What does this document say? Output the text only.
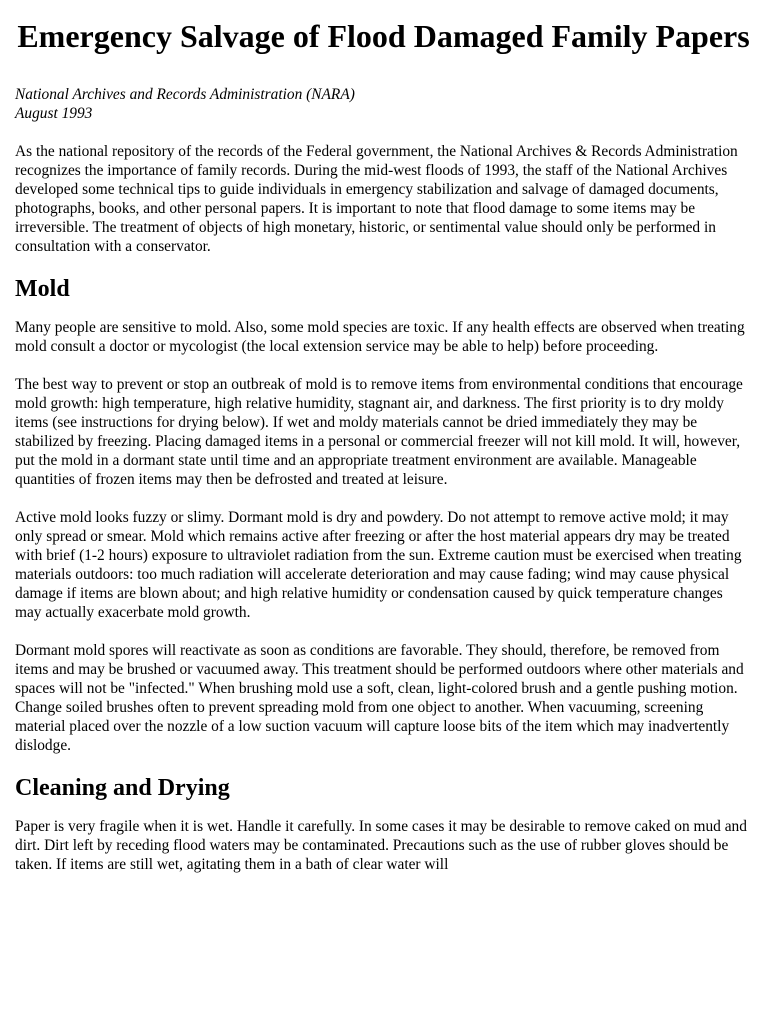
Emergency Salvage of Flood Damaged Family Papers
National Archives and Records Administration (NARA)
August 1993

As the national repository of the records of the Federal government, the National Archives & Records Administration recognizes the importance of family records. During the mid-west floods of 1993, the staff of the National Archives developed some technical tips to guide individuals in emergency stabilization and salvage of damaged documents, photographs, books, and other personal papers. It is important to note that flood damage to some items may be irreversible. The treatment of objects of high monetary, historic, or sentimental value should only be performed in consultation with a conservator.

Mold

Many people are sensitive to mold. Also, some mold species are toxic. If any health effects are observed when treating mold consult a doctor or mycologist (the local extension service may be able to help) before proceeding.

The best way to prevent or stop an outbreak of mold is to remove items from environmental conditions that encourage mold growth: high temperature, high relative humidity, stagnant air, and darkness. The first priority is to dry moldy items (see instructions for drying below). If wet and moldy materials cannot be dried immediately they may be stabilized by freezing. Placing damaged items in a personal or commercial freezer will not kill mold. It will, however, put the mold in a dormant state until time and an appropriate treatment environment are available. Manageable quantities of frozen items may then be defrosted and treated at leisure.

Active mold looks fuzzy or slimy. Dormant mold is dry and powdery. Do not attempt to remove active mold; it may only spread or smear. Mold which remains active after freezing or after the host material appears dry may be treated with brief (1-2 hours) exposure to ultraviolet radiation from the sun. Extreme caution must be exercised when treating materials outdoors: too much radiation will accelerate deterioration and may cause fading; wind may cause physical damage if items are blown about; and high relative humidity or condensation caused by quick temperature changes may actually exacerbate mold growth.

Dormant mold spores will reactivate as soon as conditions are favorable. They should, therefore, be removed from items and may be brushed or vacuumed away. This treatment should be performed outdoors where other materials and spaces will not be "infected." When brushing mold use a soft, clean, light-colored brush and a gentle pushing motion. Change soiled brushes often to prevent spreading mold from one object to another. When vacuuming, screening material placed over the nozzle of a low suction vacuum will capture loose bits of the item which may inadvertently dislodge.

Cleaning and Drying

Paper is very fragile when it is wet. Handle it carefully. In some cases it may be desirable to remove caked on mud and dirt. Dirt left by receding flood waters may be contaminated. Precautions such as the use of rubber gloves should be taken. If items are still wet, agitating them in a bath of clear water will
